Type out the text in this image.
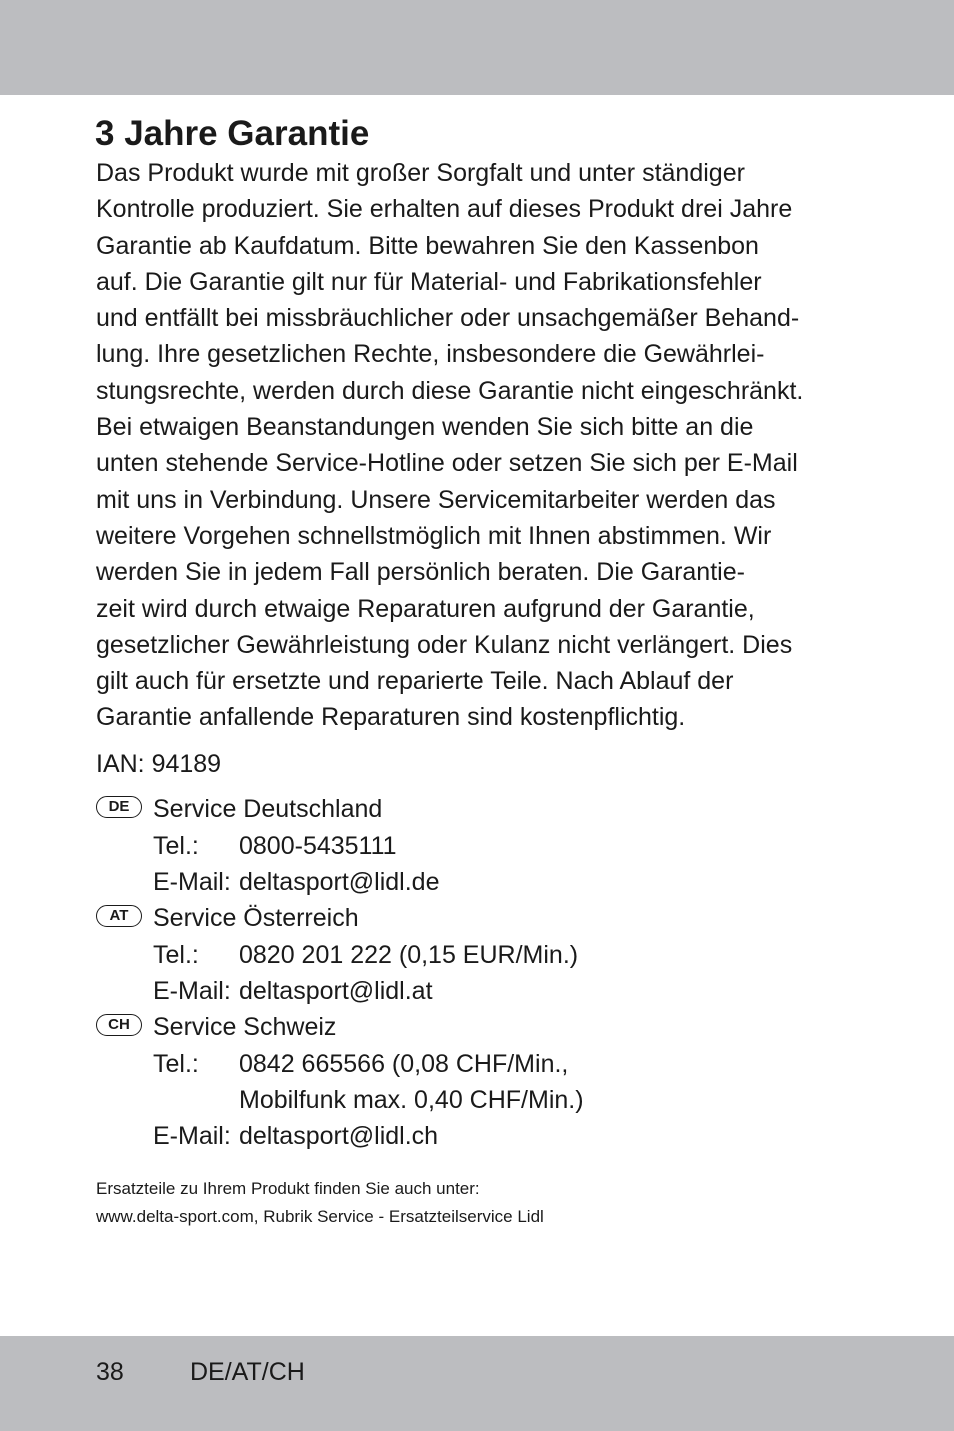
3 Jahre Garantie
Das Produkt wurde mit großer Sorgfalt und unter ständiger
Kontrolle produziert. Sie erhalten auf dieses Produkt drei Jahre
Garantie ab Kaufdatum. Bitte bewahren Sie den Kassenbon
auf. Die Garantie gilt nur für Material- und Fabrikationsfehler
und entfällt bei missbräuchlicher oder unsachgemäßer Behand-
lung. Ihre gesetzlichen Rechte, insbesondere die Gewährlei-
stungsrechte, werden durch diese Garantie nicht eingeschränkt.
Bei etwaigen Beanstandungen wenden Sie sich bitte an die
unten stehende Service-Hotline oder setzen Sie sich per E-Mail
mit uns in Verbindung. Unsere Servicemitarbeiter werden das
weitere Vorgehen schnellstmöglich mit Ihnen abstimmen. Wir
werden Sie in jedem Fall persönlich beraten. Die Garantie-
zeit wird durch etwaige Reparaturen aufgrund der Garantie,
gesetzlicher Gewährleistung oder Kulanz nicht verlängert. Dies
gilt auch für ersetzte und reparierte Teile. Nach Ablauf der
Garantie anfallende Reparaturen sind kostenpflichtig.

IAN: 94189

DE Service Deutschland
Tel.: 0800-5435111
E-Mail: deltasport@lidl.de
AT Service Österreich
Tel.: 0820 201 222 (0,15 EUR/Min.)
E-Mail: deltasport@lidl.at
CH Service Schweiz
Tel.: 0842 665566 (0,08 CHF/Min.,
Mobilfunk max. 0,40 CHF/Min.)
E-Mail: deltasport@lidl.ch

Ersatzteile zu Ihrem Produkt finden Sie auch unter:
www.delta-sport.com, Rubrik Service - Ersatzteilservice Lidl

38	DE/AT/CH
